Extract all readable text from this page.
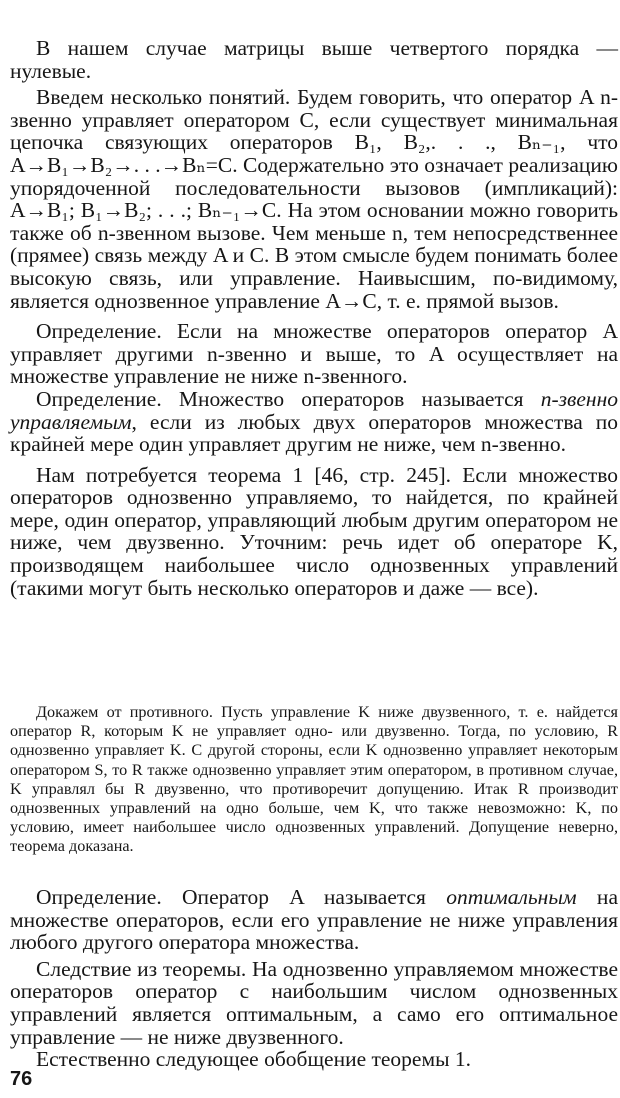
В нашем случае матрицы выше четвертого порядка — нулевые.

Введем несколько понятий. Будем говорить, что оператор A n-звенно управляет оператором C, если существует минимальная цепочка связующих операторов B₁, B₂,. . ., Bₙ₋₁, что A→B₁→B₂→. . .→Bₙ=C. Содержательно это означает реализацию упорядоченной последовательности вызовов (импликаций): A→B₁; B₁→B₂; . . .; Bₙ₋₁→C. На этом основании можно говорить также об n-звенном вызове. Чем меньше n, тем непосредственнее (прямее) связь между A и C. В этом смысле будем понимать более высокую связь, или управление. Наивысшим, по-видимому, является однозвенное управление A→C, т. е. прямой вызов.

Определение. Если на множестве операторов оператор A управляет другими n-звенно и выше, то A осуществляет на множестве управление не ниже n-звенного.

Определение. Множество операторов называется n-звенно управляемым, если из любых двух операторов множества по крайней мере один управляет другим не ниже, чем n-звенно.

Нам потребуется теорема 1 [46, стр. 245]. Если множество операторов однозвенно управляемо, то найдется, по крайней мере, один оператор, управляющий любым другим оператором не ниже, чем двузвенно. Уточним: речь идет об операторе K, производящем наибольшее число однозвенных управлений (такими могут быть несколько операторов и даже — все).

Докажем от противного. Пусть управление K ниже двузвенного, т. е. найдется оператор R, которым K не управляет одно- или двузвенно. Тогда, по условию, R однозвенно управляет K. С другой стороны, если K однозвенно управляет некоторым оператором S, то R также однозвенно управляет этим оператором, в противном случае, K управлял бы R двузвенно, что противоречит допущению. Итак R производит однозвенных управлений на одно больше, чем K, что также невозможно: K, по условию, имеет наибольшее число однозвенных управлений. Допущение неверно, теорема доказана.

Определение. Оператор A называется оптимальным на множестве операторов, если его управление не ниже управления любого другого оператора множества.

Следствие из теоремы. На однозвенно управляемом множестве операторов оператор с наибольшим числом однозвенных управлений является оптимальным, а само его оптимальное управление — не ниже двузвенного.

Естественно следующее обобщение теоремы 1.

76
